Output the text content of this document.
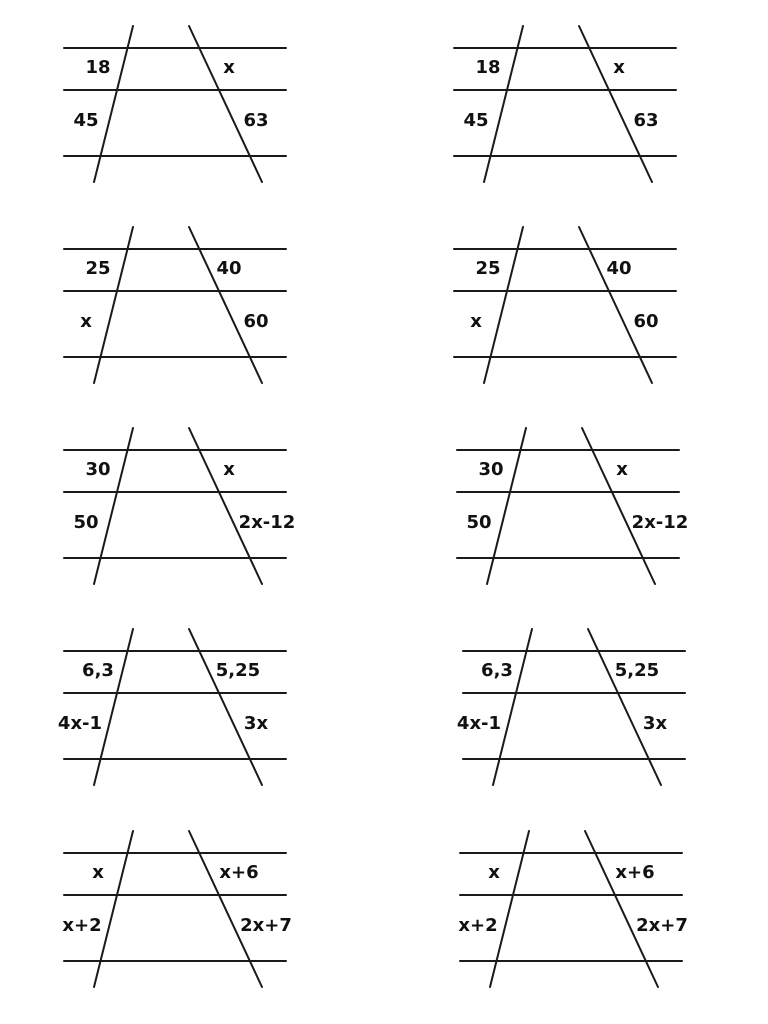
18
45
x
63
18
45
x
63
25
x
40
60
25
x
40
60
30
50
x
2x-12
30
50
x
2x-12
6,3
4x-1
5,25
3x
6,3
4x-1
5,25
3x
x
x+2
x+6
2x+7
x
x+2
x+6
2x+7
